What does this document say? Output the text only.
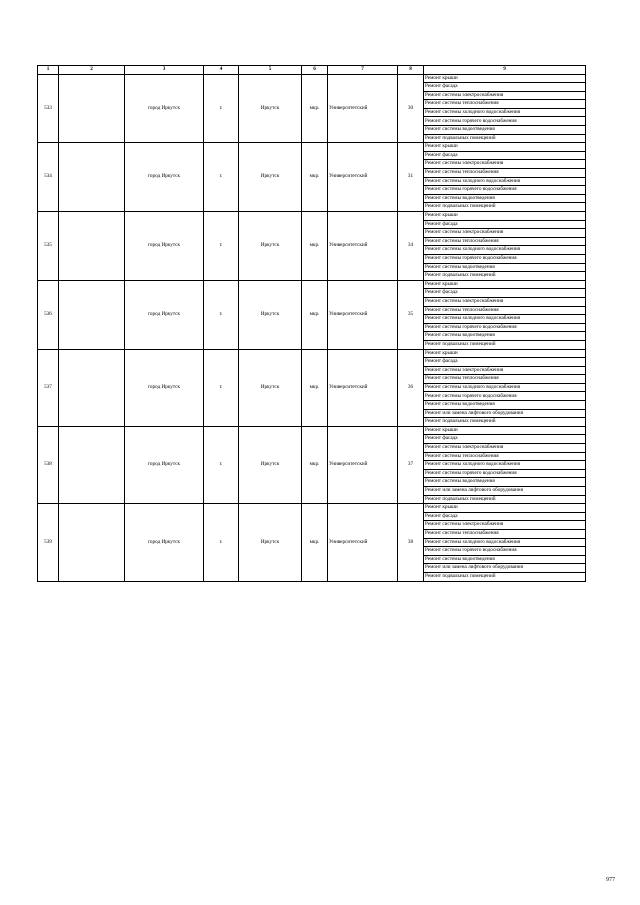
1	2	3	4	5	6	7	8	9
533		город Иркутск	г.	Иркутск	мкр.	Университетский	30	Ремонт крыши
								Ремонт фасада
								Ремонт системы электроснабжения
								Ремонт системы теплоснабжения
								Ремонт системы холодного водоснабжения
								Ремонт системы горячего водоснабжения
								Ремонт системы водоотведения
								Ремонт подвальных помещений
534		город Иркутск	г.	Иркутск	мкр.	Университетский	31	Ремонт крыши
								Ремонт фасада
								Ремонт системы электроснабжения
								Ремонт системы теплоснабжения
								Ремонт системы холодного водоснабжения
								Ремонт системы горячего водоснабжения
								Ремонт системы водоотведения
								Ремонт подвальных помещений
535		город Иркутск	г.	Иркутск	мкр.	Университетский	34	Ремонт крыши
								Ремонт фасада
								Ремонт системы электроснабжения
								Ремонт системы теплоснабжения
								Ремонт системы холодного водоснабжения
								Ремонт системы горячего водоснабжения
								Ремонт системы водоотведения
								Ремонт подвальных помещений
536		город Иркутск	г.	Иркутск	мкр.	Университетский	35	Ремонт крыши
								Ремонт фасада
								Ремонт системы электроснабжения
								Ремонт системы теплоснабжения
								Ремонт системы холодного водоснабжения
								Ремонт системы горячего водоснабжения
								Ремонт системы водоотведения
								Ремонт подвальных помещений
537		город Иркутск	г.	Иркутск	мкр.	Университетский	36	Ремонт крыши
								Ремонт фасада
								Ремонт системы электроснабжения
								Ремонт системы теплоснабжения
								Ремонт системы холодного водоснабжения
								Ремонт системы горячего водоснабжения
								Ремонт системы водоотведения
								Ремонт или замена лифтового оборудования
								Ремонт подвальных помещений
538		город Иркутск	г.	Иркутск	мкр.	Университетский	37	Ремонт крыши
								Ремонт фасада
								Ремонт системы электроснабжения
								Ремонт системы теплоснабжения
								Ремонт системы холодного водоснабжения
								Ремонт системы горячего водоснабжения
								Ремонт системы водоотведения
								Ремонт или замена лифтового оборудования
								Ремонт подвальных помещений
539		город Иркутск	г.	Иркутск	мкр.	Университетский	38	Ремонт крыши
								Ремонт фасада
								Ремонт системы электроснабжения
								Ремонт системы теплоснабжения
								Ремонт системы холодного водоснабжения
								Ремонт системы горячего водоснабжения
								Ремонт системы водоотведения
								Ремонт или замена лифтового оборудования
								Ремонт подвальных помещений
977
